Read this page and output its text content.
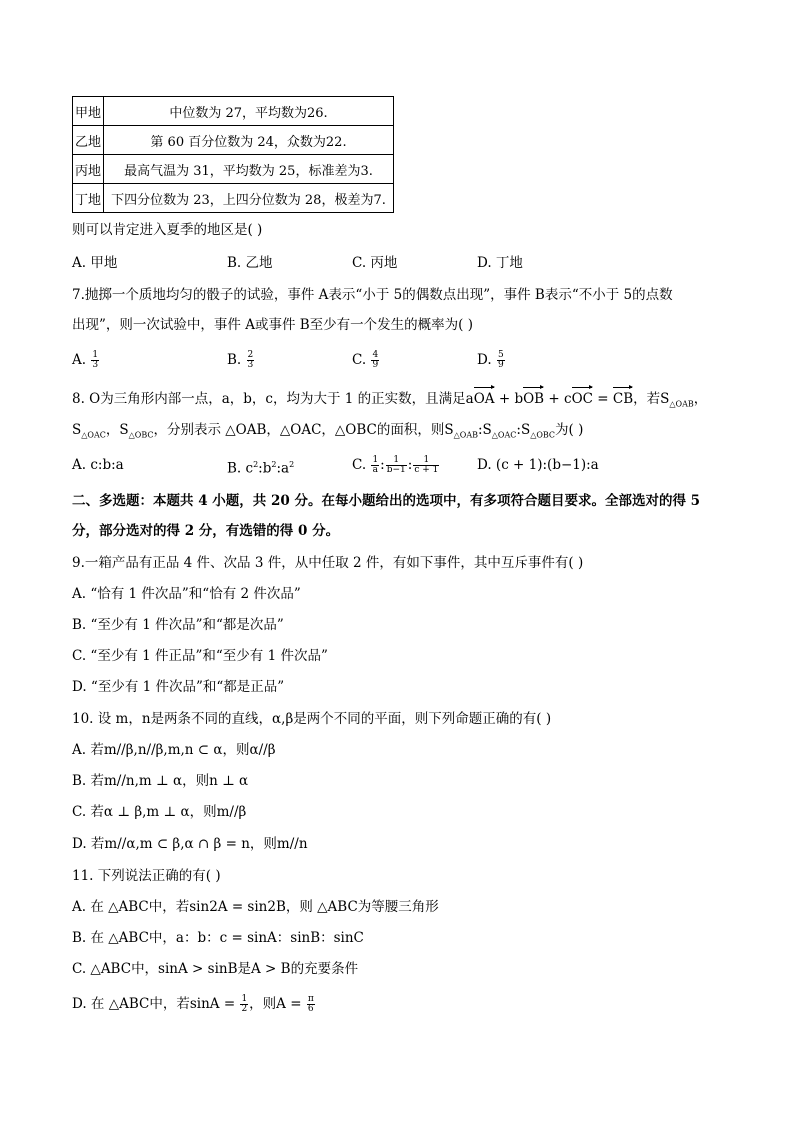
甲地	中位数为 27，平均数为26.
乙地	第 60 百分位数为 24，众数为22.
丙地	最高气温为 31，平均数为 25，标准差为3.
丁地	下四分位数为 23，上四分位数为 28，极差为7.
则可以肯定进入夏季的地区是( )
A. 甲地	B. 乙地	C. 丙地	D. 丁地
7.抛掷一个质地均匀的骰子的试验，事件 A表示“小于 5的偶数点出现”，事件 B表示“不小于 5的点数
出现”，则一次试验中，事件 A或事件 B至少有一个发生的概率为( )
A. $\frac{1}{3}$	B. $\frac{2}{3}$	C. $\frac{4}{9}$	D. $\frac{5}{9}$
8. O为三角形内部一点，a，b，c，均为大于 1 的正实数，且满足aOA + bOB + cOC = CB，若$S_{\triangle OAB}$，
$S_{\triangle OAC}$，$S_{\triangle OBC}$，分别表示 △OAB，△OAC，△OBC的面积，则$S_{\triangle OAB}:S_{\triangle OAC}:S_{\triangle OBC}$为( )
A. c:b:a	B. $c^2:b^2:a^2$	C. $\frac{1}{a}$ : $\frac{1}{b-1}$ : $\frac{1}{c + 1}$	D. (c + 1):(b−1):a
二、多选题：本题共 4 小题，共 20 分。在每小题给出的选项中，有多项符合题目要求。全部选对的得 5
分，部分选对的得 2 分，有选错的得 0 分。
9.一箱产品有正品 4 件、次品 3 件，从中任取 2 件，有如下事件，其中互斥事件有( )
A. “恰有 1 件次品”和“恰有 2 件次品”
B. “至少有 1 件次品”和“都是次品”
C. “至少有 1 件正品”和“至少有 1 件次品”
D. “至少有 1 件次品”和“都是正品”
10. 设 m，n是两条不同的直线，α,β是两个不同的平面，则下列命题正确的有( )
A. 若m//β,n//β,m,n ⊂ α，则α//β
B. 若m//n,m ⊥ α，则n ⊥ α
C. 若α ⊥ β,m ⊥ α，则m//β
D. 若m//α,m ⊂ β,α ∩ β = n，则m//n
11. 下列说法正确的有( )
A. 在 △ABC中，若sin2A = sin2B，则 △ABC为等腰三角形
B. 在 △ABC中，a：b：c = sinA：sinB：sinC
C. △ABC中，sinA > sinB是A > B的充要条件
D. 在 △ABC中，若$\sin A = \frac{1}{2}$ ，则$A = \frac{\pi}{6}$
